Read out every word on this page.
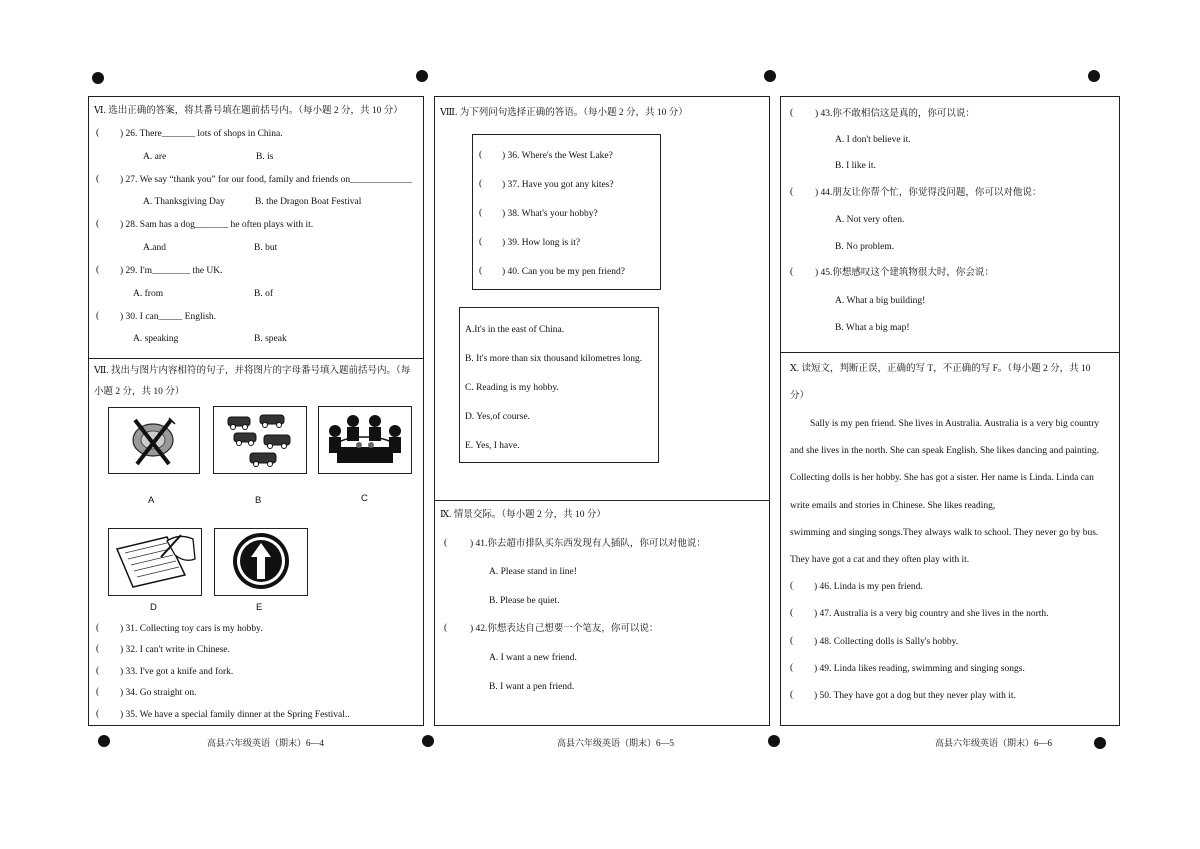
Ⅵ. 选出正确的答案，将其番号填在题前括号内。（每小题 2 分，共 10 分）
( ) 26. There_______ lots of shops in China.
A. are	B. is
( ) 27. We say “thank you” for our food, family and friends on_____________
A. Thanksgiving Day	B. the Dragon Boat Festival
( ) 28. Sam has a dog_______ he often plays with it.
A.and	B. but
( ) 29. I'm________ the UK.
A. from	B. of
( ) 30. I can_____ English.
A. speaking	B. speak
Ⅶ. 找出与图片内容相符的句子，并将图片的字母番号填入题前括号内。（每
小题 2 分，共 10 分）
A	B	C
D	E
( ) 31. Collecting toy cars is my hobby.
( ) 32. I can't write in Chinese.
( ) 33. I've got a knife and fork.
( ) 34. Go straight on.
( ) 35. We have a special family dinner at the Spring Festival..
Ⅷ. 为下列问句选择正确的答语。（每小题 2 分，共 10 分）
( ) 36. Where's the West Lake?
( ) 37. Have you got any kites?
( ) 38. What's your hobby?
( ) 39. How long is it?
( ) 40. Can you be my pen friend?
A.It's in the east of China.
B. It's more than six thousand kilometres long.
C. Reading is my hobby.
D. Yes,of course.
E. Yes, I have.
Ⅸ. 情景交际。（每小题 2 分，共 10 分）
( ) 41.你去超市排队买东西发现有人插队，你可以对他说：
A. Please stand in line!
B. Please be quiet.
( ) 42.你想表达自己想要一个笔友，你可以说：
A. I want a new friend.
B. I want a pen friend.
( ) 43.你不敢相信这是真的，你可以说：
A. I don't believe it.
B. I like it.
( ) 44.朋友让你帮个忙，你觉得没问题，你可以对他说：
A. Not very often.
B. No problem.
( ) 45.你想感叹这个建筑物很大时，你会说：
A. What a big building!
B. What a big map!
Ⅹ. 读短文，判断正误，正确的写 T，不正确的写 F。（每小题 2 分，共 10
分）
Sally is my pen friend. She lives in Australia. Australia is a very big country
and she lives in the north. She can speak English. She likes dancing and painting.
Collecting dolls is her hobby. She has got a sister. Her name is Linda. Linda can
write emails and stories in Chinese. She likes reading,
swimming and singing songs.They always walk to school. They never go by bus.
They have got a cat and they often play with it.
( ) 46. Linda is my pen friend.
( ) 47. Australia is a very big country and she lives in the north.
( ) 48. Collecting dolls is Sally's hobby.
( ) 49. Linda likes reading, swimming and singing songs.
( ) 50. They have got a dog but they never play with it.
高县六年级英语（期末）6—4	高县六年级英语（期末）6—5	高县六年级英语（期末）6—6
